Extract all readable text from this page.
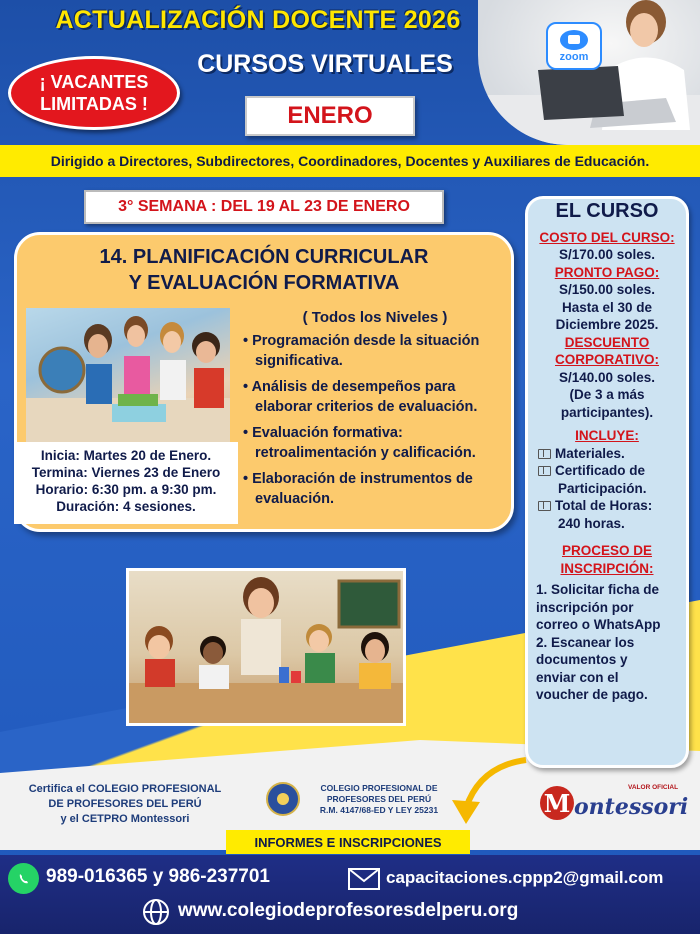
zoom
ACTUALIZACIÓN DOCENTE 2026
CURSOS VIRTUALES
¡ VACANTES LIMITADAS !	ENERO
Dirigido a Directores, Subdirectores, Coordinadores, Docentes y Auxiliares de Educación.
3° SEMANA : DEL 19 AL 23 DE ENERO
14. PLANIFICACIÓN CURRICULAR
Y EVALUACIÓN FORMATIVA
( Todos los Niveles )
• Programación desde la situación significativa.
• Análisis de desempeños para elaborar criterios de evaluación.
• Evaluación formativa: retroalimentación y calificación.
• Elaboración de instrumentos de evaluación.
Inicia: Martes 20 de Enero.
Termina: Viernes 23 de Enero
Horario: 6:30 pm. a 9:30 pm.
Duración: 4 sesiones.
EL CURSO
COSTO DEL CURSO:
S/170.00 soles.
PRONTO PAGO:
S/150.00 soles.
Hasta el 30 de
Diciembre 2025.
DESCUENTO
CORPORATIVO:
S/140.00 soles.
(De 3 a más
participantes).
INCLUYE:
Materiales.
Certificado de
Participación.
Total de Horas:
240 horas.
PROCESO DE
INSCRIPCIÓN:
1. Solicitar ficha de
inscripción por
correo o WhatsApp
2. Escanear los
documentos y
enviar con el
voucher de pago.
Certifica el COLEGIO PROFESIONAL
DE PROFESORES DEL PERÚ
y el CETPRO Montessori
COLEGIO PROFESIONAL DE
PROFESORES DEL PERÚ
R.M. 4147/68-ED Y LEY 25231
VALOR OFICIAL
M ontessori
INFORMES E INSCRIPCIONES
989-016365 y 986-237701	capacitaciones.cppp2@gmail.com
www.colegiodeprofesoresdelperu.org
